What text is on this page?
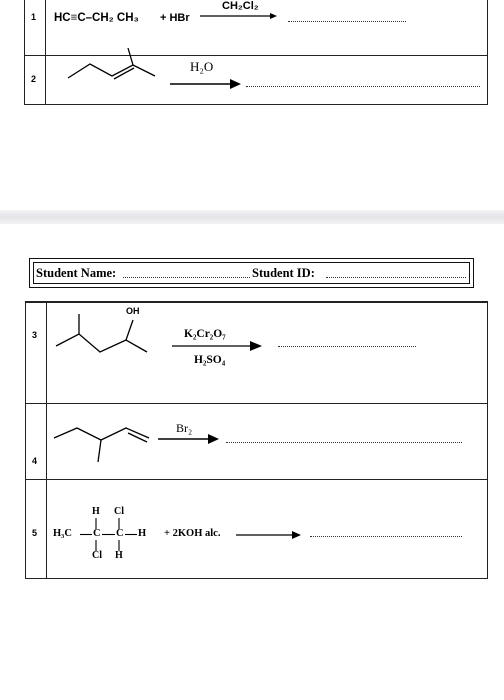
1 HC≡C–CH₂ CH₃ + HBr
CH₂Cl₂
2
H₂O
Student Name:	Student ID:
3
OH
K₂Cr₂O₇
H₂SO₄
4
Br₂
5
H Cl
H₃C C C H
Cl H
+ 2KOH alc.
